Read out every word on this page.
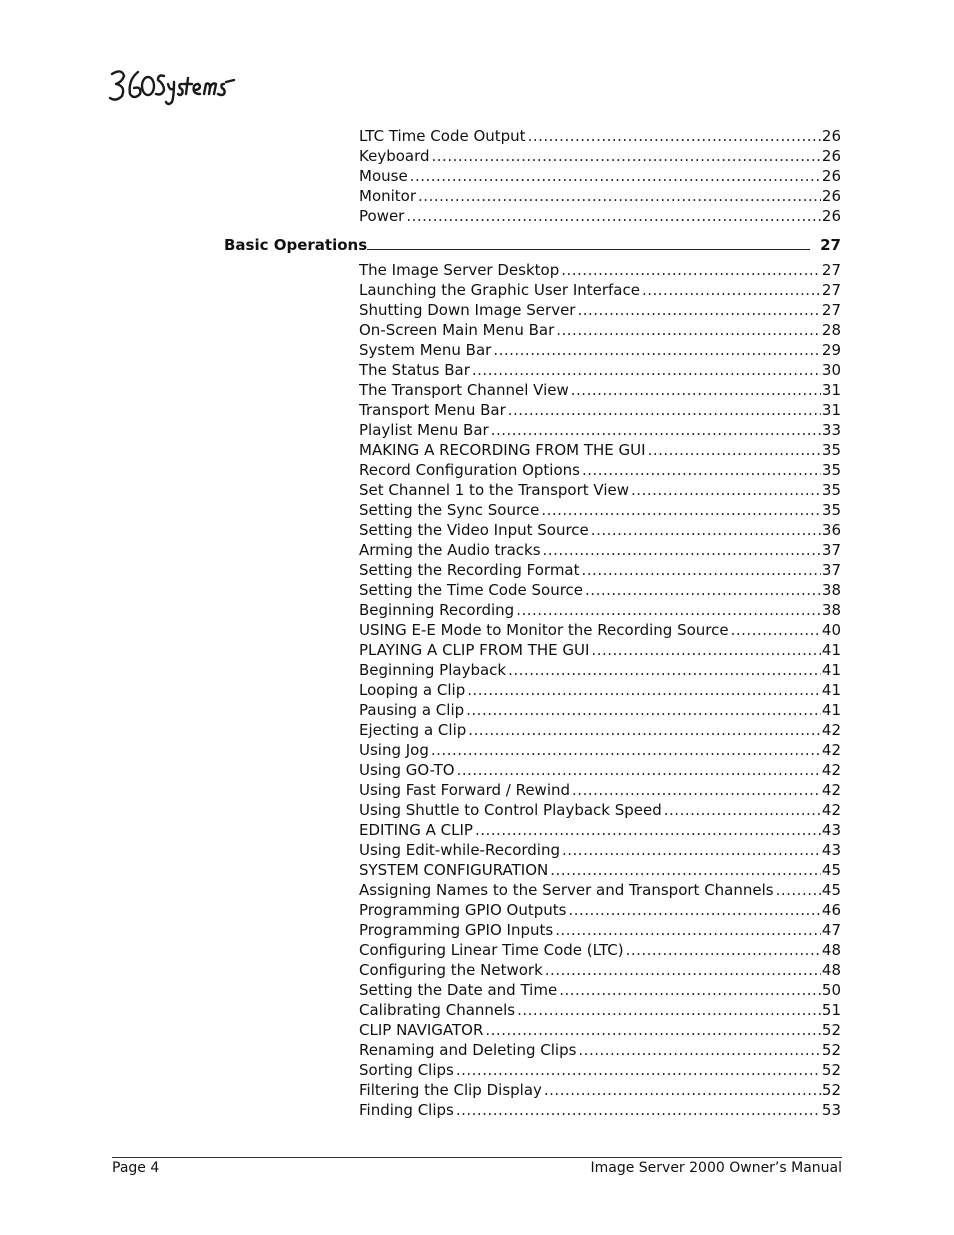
LTC Time Code Output .....	26
Keyboard .....	26
Mouse .....	26
Monitor .....	26
Power .....	26
Basic Operations	27
The Image Server Desktop .....	27
Launching the Graphic User Interface .....	27
Shutting Down Image Server .....	27
On-Screen Main Menu Bar .....	28
System Menu Bar .....	29
The Status Bar .....	30
The Transport Channel View .....	31
Transport Menu Bar .....	31
Playlist Menu Bar .....	33
MAKING A RECORDING FROM THE GUI .....	35
Record Configuration Options .....	35
Set Channel 1 to the Transport View .....	35
Setting the Sync Source .....	35
Setting the Video Input Source .....	36
Arming the Audio tracks .....	37
Setting the Recording Format .....	37
Setting the Time Code Source .....	38
Beginning Recording .....	38
USING E-E Mode to Monitor the Recording Source .....	40
PLAYING A CLIP FROM THE GUI .....	41
Beginning Playback .....	41
Looping a Clip .....	41
Pausing a Clip .....	41
Ejecting a Clip .....	42
Using Jog .....	42
Using GO-TO .....	42
Using Fast Forward / Rewind .....	42
Using Shuttle to Control Playback Speed .....	42
EDITING A CLIP .....	43
Using Edit-while-Recording .....	43
SYSTEM CONFIGURATION .....	45
Assigning Names to the Server and Transport Channels .....	45
Programming GPIO Outputs .....	46
Programming GPIO Inputs .....	47
Configuring Linear Time Code (LTC) .....	48
Configuring the Network .....	48
Setting the Date and Time .....	50
Calibrating Channels .....	51
CLIP NAVIGATOR .....	52
Renaming and Deleting Clips .....	52
Sorting Clips .....	52
Filtering the Clip Display .....	52
Finding Clips .....	53
Page 4	Image Server 2000 Owner’s Manual
